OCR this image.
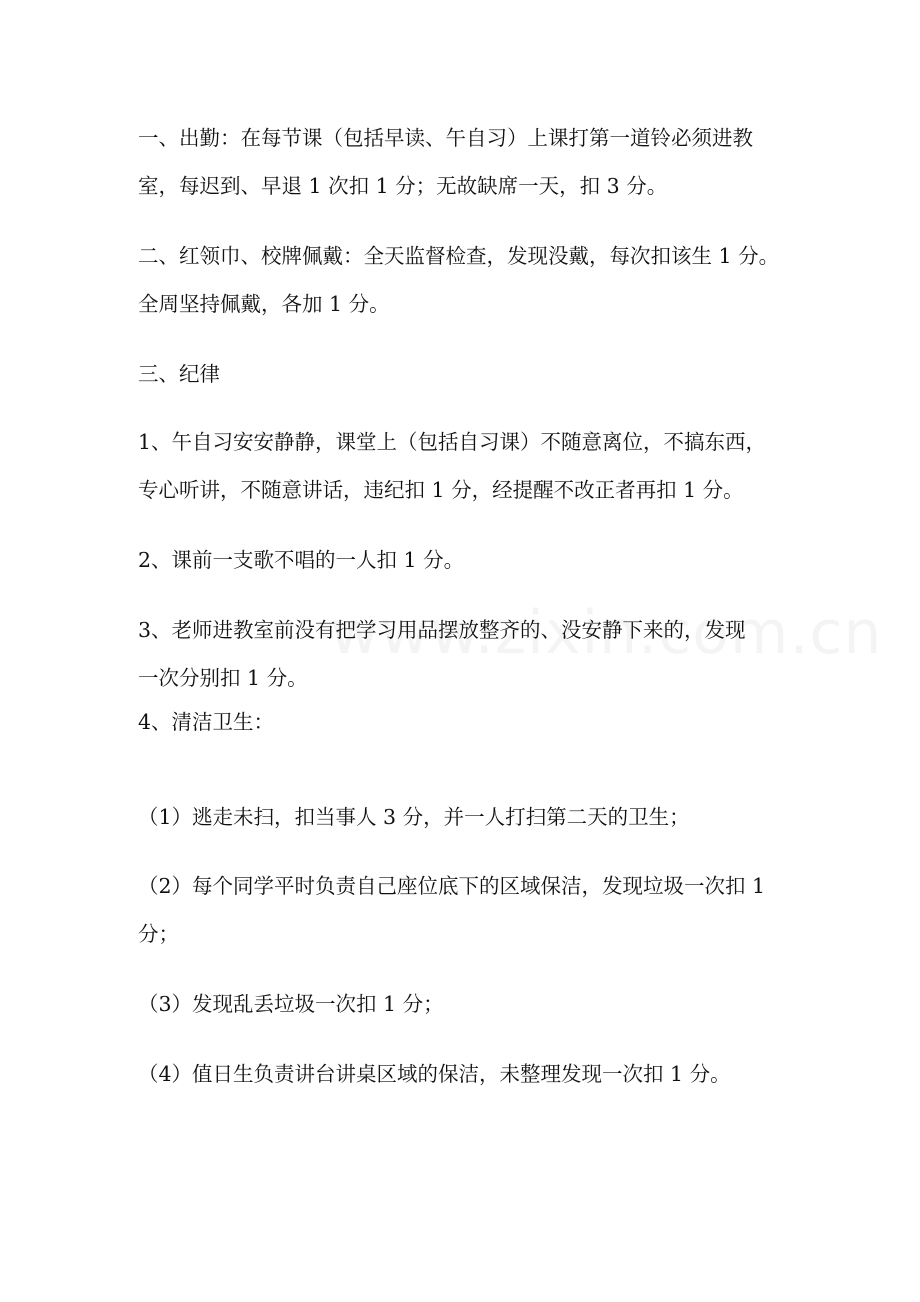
一、出勤：在每节课（包括早读、午自习）上课打第一道铃必须进教
室，每迟到、早退 1 次扣 1 分；无故缺席一天，扣 3 分。

二、红领巾、校牌佩戴：全天监督检查，发现没戴，每次扣该生 1 分。
全周坚持佩戴，各加 1 分。

三、纪律

1、午自习安安静静，课堂上（包括自习课）不随意离位，不搞东西，
专心听讲，不随意讲话，违纪扣 1 分，经提醒不改正者再扣 1 分。

2、课前一支歌不唱的一人扣 1 分。

3、老师进教室前没有把学习用品摆放整齐的、没安静下来的，发现
一次分别扣 1 分。

4、清洁卫生：

（1）逃走未扫，扣当事人 3 分，并一人打扫第二天的卫生；

（2）每个同学平时负责自己座位底下的区域保洁，发现垃圾一次扣 1
分；

（3）发现乱丢垃圾一次扣 1 分；

（4）值日生负责讲台讲桌区域的保洁，未整理发现一次扣 1 分。
